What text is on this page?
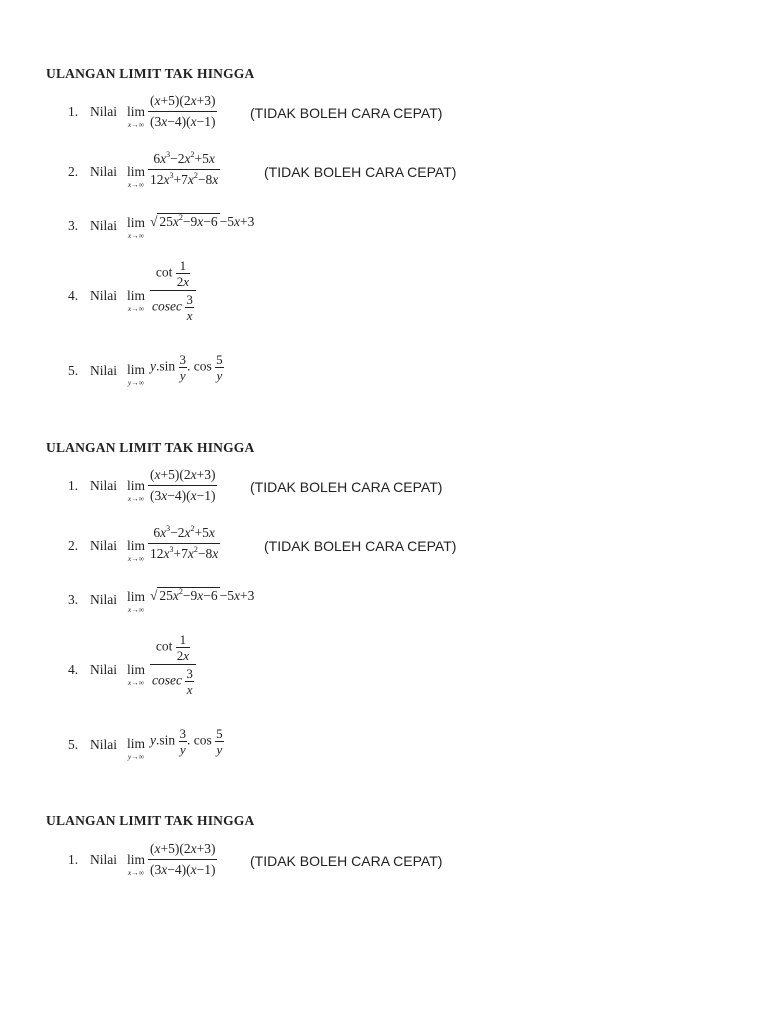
ULANGAN LIMIT TAK HINGGA
1. Nilai lim
$x\to\infty \frac{(x+5)(2x+3)}{(3x-4)(x-1)}$ (TIDAK BOLEH CARA CEPAT)
2. Nilai lim
$x\to\infty \frac{6x^3-2x^2+5x}{12x^3+7x^2-8x}$	(TIDAK BOLEH CARA CEPAT)
3. Nilai lim
x→∞
√ $25x^2-9x-6 -5x+3$
4. Nilai lim
$x\to\infty \frac{\cot \frac{1}{2x}}{cosec \frac{3}{x}}$
5. Nilai lim
y→∞
$y.\sin \frac{3}{y}$ . $\cos \frac{5}{y}$
ULANGAN LIMIT TAK HINGGA
1. Nilai lim
$x\to\infty \frac{(x+5)(2x+3)}{(3x-4)(x-1)}$ (TIDAK BOLEH CARA CEPAT)
2. Nilai lim
$x\to\infty \frac{6x^3-2x^2+5x}{12x^3+7x^2-8x}$	(TIDAK BOLEH CARA CEPAT)
3. Nilai lim
x→∞
√ $25x^2-9x-6 -5x+3$
4. Nilai lim
$x\to\infty \frac{\cot \frac{1}{2x}}{cosec \frac{3}{x}}$
5. Nilai lim
y→∞
$y.\sin \frac{3}{y}$ . $\cos \frac{5}{y}$
ULANGAN LIMIT TAK HINGGA
1. Nilai lim
$x\to\infty \frac{(x+5)(2x+3)}{(3x-4)(x-1)}$ (TIDAK BOLEH CARA CEPAT)
